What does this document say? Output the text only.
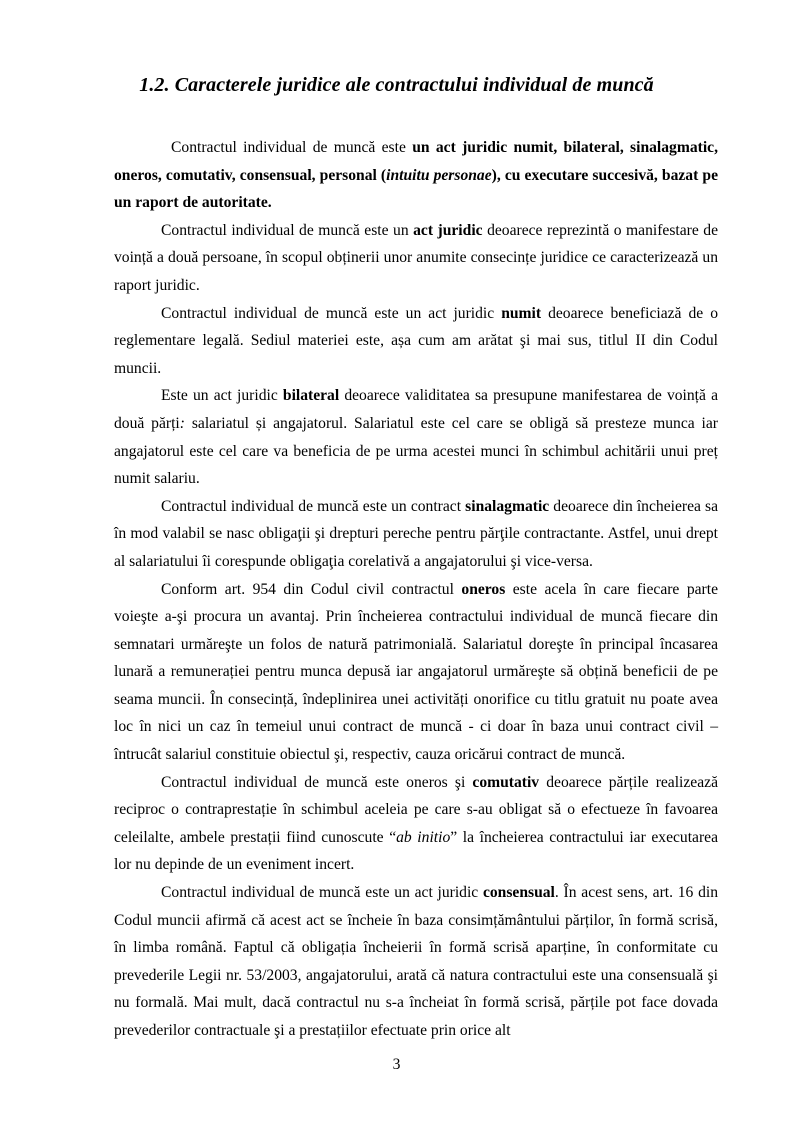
1.2. Caracterele juridice ale contractului individual de muncă

Contractul individual de muncă este un act juridic numit, bilateral, sinalagmatic, oneros, comutativ, consensual, personal (intuitu personae), cu executare succesivă, bazat pe un raport de autoritate.

Contractul individual de muncă este un act juridic deoarece reprezintă o manifestare de voință a două persoane, în scopul obținerii unor anumite consecințe juridice ce caracterizează un raport juridic.

Contractul individual de muncă este un act juridic numit deoarece beneficiază de o reglementare legală. Sediul materiei este, așa cum am arătat şi mai sus, titlul II din Codul muncii.

Este un act juridic bilateral deoarece validitatea sa presupune manifestarea de voință a două părți: salariatul și angajatorul. Salariatul este cel care se obligă să presteze munca iar angajatorul este cel care va beneficia de pe urma acestei munci în schimbul achitării unui preț numit salariu.

Contractul individual de muncă este un contract sinalagmatic deoarece din încheierea sa în mod valabil se nasc obligaţii şi drepturi pereche pentru părţile contractante. Astfel, unui drept al salariatului îi corespunde obligaţia corelativă a angajatorului şi vice-versa.

Conform art. 954 din Codul civil contractul oneros este acela în care fiecare parte voieşte a-şi procura un avantaj. Prin încheierea contractului individual de muncă fiecare din semnatari urmăreşte un folos de natură patrimonială. Salariatul doreşte în principal încasarea lunară a remunerației pentru munca depusă iar angajatorul urmăreşte să obțină beneficii de pe seama muncii. În consecință, îndeplinirea unei activități onorifice cu titlu gratuit nu poate avea loc în nici un caz în temeiul unui contract de muncă - ci doar în baza unui contract civil – întrucât salariul constituie obiectul şi, respectiv, cauza oricărui contract de muncă.

Contractul individual de muncă este oneros şi comutativ deoarece părțile realizează reciproc o contraprestație în schimbul aceleia pe care s-au obligat să o efectueze în favoarea celeilalte, ambele prestații fiind cunoscute “ab initio” la încheierea contractului iar executarea lor nu depinde de un eveniment incert.

Contractul individual de muncă este un act juridic consensual. În acest sens, art. 16 din Codul muncii afirmă că acest act se încheie în baza consimțământului părților, în formă scrisă, în limba română. Faptul că obligația încheierii în formă scrisă aparține, în conformitate cu prevederile Legii nr. 53/2003, angajatorului, arată că natura contractului este una consensuală şi nu formală. Mai mult, dacă contractul nu s-a încheiat în formă scrisă, părțile pot face dovada prevederilor contractuale şi a prestațiilor efectuate prin orice alt

3
